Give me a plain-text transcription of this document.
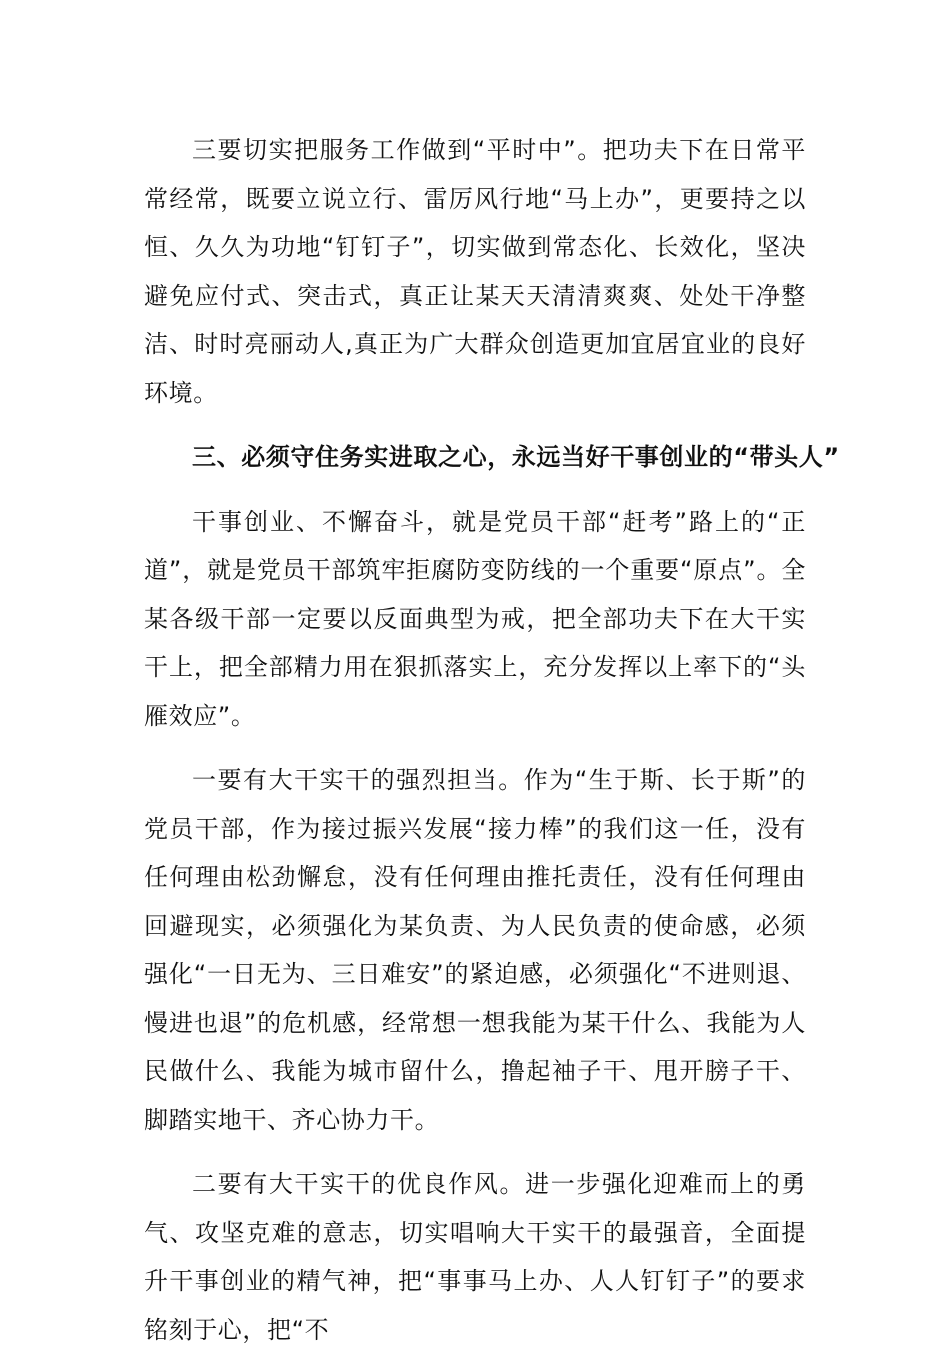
三要切实把服务工作做到“平时中”。把功夫下在日常平常经常，既要立说立行、雷厉风行地“马上办”，更要持之以恒、久久为功地“钉钉子”，切实做到常态化、长效化，坚决避免应付式、突击式，真正让某天天清清爽爽、处处干净整洁、时时亮丽动人,真正为广大群众创造更加宜居宜业的良好环境。

三、必须守住务实进取之心，永远当好干事创业的“带头人”

干事创业、不懈奋斗，就是党员干部“赶考”路上的“正道”，就是党员干部筑牢拒腐防变防线的一个重要“原点”。全某各级干部一定要以反面典型为戒，把全部功夫下在大干实干上，把全部精力用在狠抓落实上，充分发挥以上率下的“头雁效应”。

一要有大干实干的强烈担当。作为“生于斯、长于斯”的党员干部，作为接过振兴发展“接力棒”的我们这一任，没有任何理由松劲懈怠，没有任何理由推托责任，没有任何理由回避现实，必须强化为某负责、为人民负责的使命感，必须强化“一日无为、三日难安”的紧迫感，必须强化“不进则退、慢进也退”的危机感，经常想一想我能为某干什么、我能为人民做什么、我能为城市留什么，撸起袖子干、甩开膀子干、脚踏实地干、齐心协力干。

二要有大干实干的优良作风。进一步强化迎难而上的勇气、攻坚克难的意志，切实唱响大干实干的最强音，全面提升干事创业的精气神，把“事事马上办、人人钉钉子”的要求铭刻于心，把“不
